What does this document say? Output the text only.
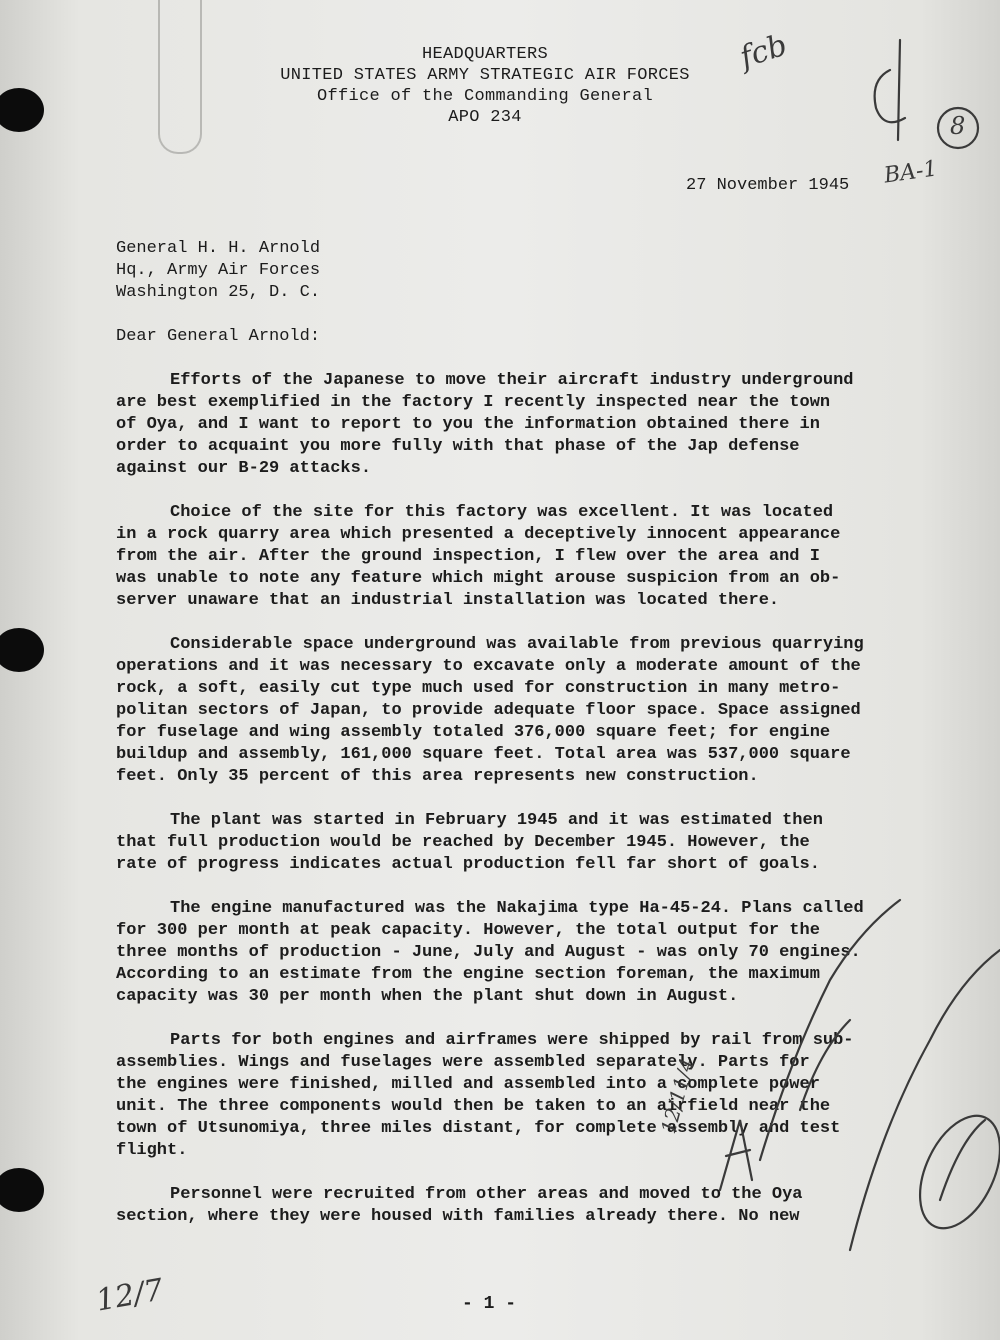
HEADQUARTERS
UNITED STATES ARMY STRATEGIC AIR FORCES
Office of the Commanding General
APO 234
27 November 1945
General H. H. Arnold
Hq., Army Air Forces
Washington 25, D. C.
Dear General Arnold:

Efforts of the Japanese to move their aircraft industry underground
are best exemplified in the factory I recently inspected near the town
of Oya, and I want to report to you the information obtained there in
order to acquaint you more fully with that phase of the Jap defense
against our B-29 attacks.

Choice of the site for this factory was excellent. It was located
in a rock quarry area which presented a deceptively innocent appearance
from the air. After the ground inspection, I flew over the area and I
was unable to note any feature which might arouse suspicion from an ob-
server unaware that an industrial installation was located there.

Considerable space underground was available from previous quarrying
operations and it was necessary to excavate only a moderate amount of the
rock, a soft, easily cut type much used for construction in many metro-
politan sectors of Japan, to provide adequate floor space. Space assigned
for fuselage and wing assembly totaled 376,000 square feet; for engine
buildup and assembly, 161,000 square feet. Total area was 537,000 square
feet. Only 35 percent of this area represents new construction.

The plant was started in February 1945 and it was estimated then
that full production would be reached by December 1945. However, the
rate of progress indicates actual production fell far short of goals.

The engine manufactured was the Nakajima type Ha-45-24. Plans called
for 300 per month at peak capacity. However, the total output for the
three months of production - June, July and August - was only 70 engines.
According to an estimate from the engine section foreman, the maximum
capacity was 30 per month when the plant shut down in August.

Parts for both engines and airframes were shipped by rail from sub-
assemblies. Wings and fuselages were assembled separately. Parts for
the engines were finished, milled and assembled into a complete power
unit. The three components would then be taken to an airfield near the
town of Utsunomiya, three miles distant, for complete assembly and test
flight.

Personnel were recruited from other areas and moved to the Oya
section, where they were housed with families already there. No new

- 1 -
fcb
BA-1
8
12/11/4
12/7
